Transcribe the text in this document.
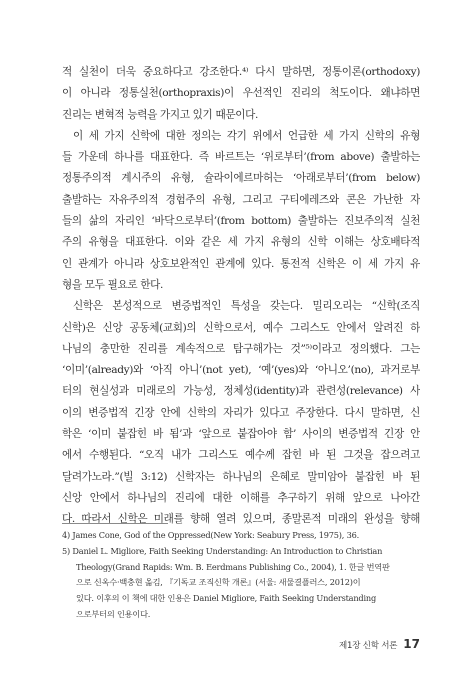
적 실천이 더욱 중요하다고 강조한다.⁴⁾ 다시 말하면, 정통이론(orthodoxy)
이 아니라 정통실천(orthopraxis)이 우선적인 진리의 척도이다. 왜냐하면
진리는 변혁적 능력을 가지고 있기 때문이다.
이 세 가지 신학에 대한 정의는 각기 위에서 언급한 세 가지 신학의 유형
들 가운데 하나를 대표한다. 즉 바르트는 ‘위로부터’(from above) 출발하는
정통주의적 계시주의 유형, 슐라이에르마허는 ‘아래로부터’(from below)
출발하는 자유주의적 경험주의 유형, 그리고 구티에레즈와 콘은 가난한 자
들의 삶의 자리인 ‘바닥으로부터’(from bottom) 출발하는 진보주의적 실천
주의 유형을 대표한다. 이와 같은 세 가지 유형의 신학 이해는 상호배타적
인 관계가 아니라 상호보완적인 관계에 있다. 통전적 신학은 이 세 가지 유
형을 모두 필요로 한다.
신학은 본성적으로 변증법적인 특성을 갖는다. 밀리오리는 “신학(조직
신학)은 신앙 공동체(교회)의 신학으로서, 예수 그리스도 안에서 알려진 하
나님의 충만한 진리를 계속적으로 탐구해가는 것”⁵⁾이라고 정의했다. 그는
‘이미’(already)와 ‘아직 아니’(not yet), ‘예’(yes)와 ‘아니오’(no), 과거로부
터의 현실성과 미래로의 가능성, 정체성(identity)과 관련성(relevance) 사
이의 변증법적 긴장 안에 신학의 자리가 있다고 주장한다. 다시 말하면, 신
학은 ‘이미 붙잡힌 바 됨’과 ‘앞으로 붙잡아야 함’ 사이의 변증법적 긴장 안
에서 수행된다. “오직 내가 그리스도 예수께 잡힌 바 된 그것을 잡으려고
달려가노라.”(빌 3:12) 신학자는 하나님의 은혜로 말미암아 붙잡힌 바 된
신앙 안에서 하나님의 진리에 대한 이해를 추구하기 위해 앞으로 나아간
다. 따라서 신학은 미래를 향해 열려 있으며, 종말론적 미래의 완성을 향해
4) James Cone, God of the Oppressed(New York: Seabury Press, 1975), 36.
5) Daniel L. Migliore, Faith Seeking Understanding: An Introduction to Christian
Theology(Grand Rapids: Wm. B. Eerdmans Publishing Co., 2004), 1. 한글 번역판
으로 신옥수·백충현 옮김, 『기독교 조직신학 개론』(서울: 새물결플러스, 2012)이
있다. 이후의 이 책에 대한 인용은 Daniel Migliore, Faith Seeking Understanding
으로부터의 인용이다.
제1장 신학 서론 17
